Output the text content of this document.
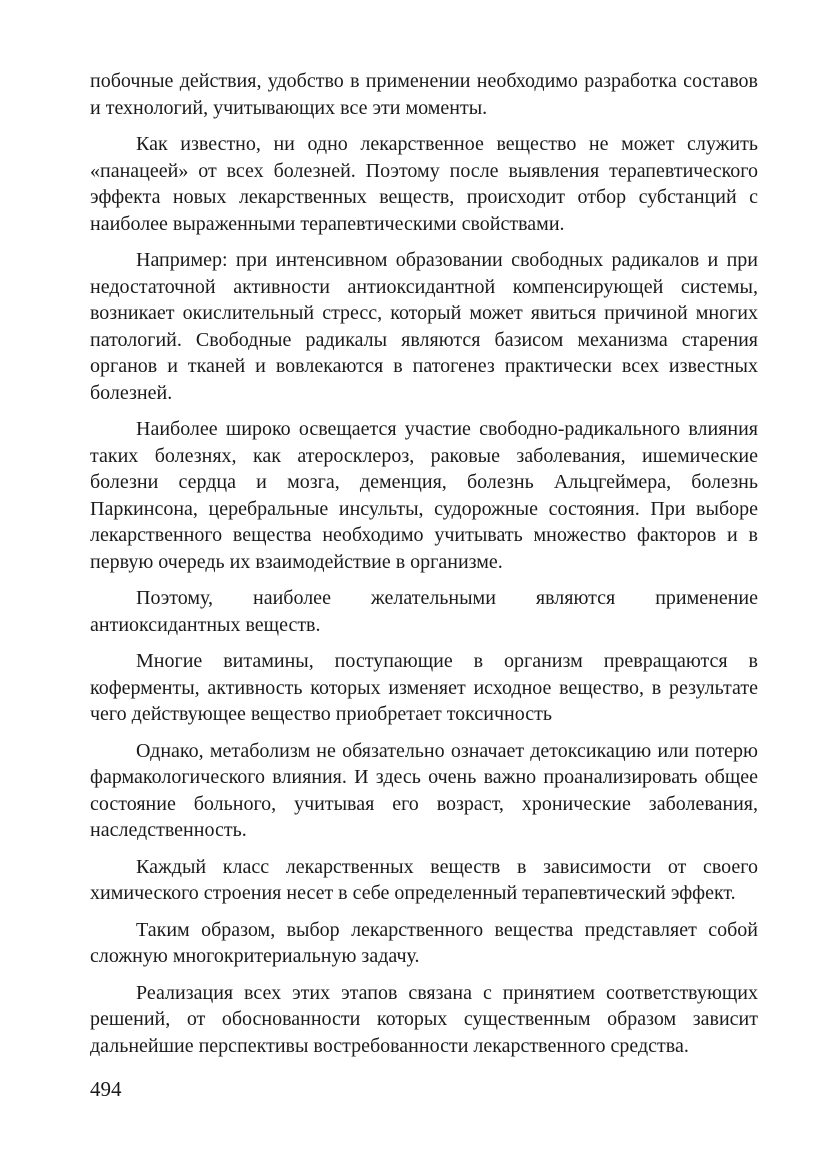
побочные действия, удобство в применении необходимо разработка составов и технологий, учитывающих все эти моменты.

Как известно, ни одно лекарственное вещество не может служить «панацеей» от всех болезней. Поэтому после выявления терапевтического эффекта новых лекарственных веществ, происходит отбор субстанций с наиболее выраженными терапевтическими свойствами.

Например: при интенсивном образовании свободных радикалов и при недостаточной активности антиоксидантной компенсирующей системы, возникает окислительный стресс, который может явиться причиной многих патологий. Свободные радикалы являются базисом механизма старения органов и тканей и вовлекаются в патогенез практически всех известных болезней.

Наиболее широко освещается участие свободно-радикального влияния таких болезнях, как атеросклероз, раковые заболевания, ишемические болезни сердца и мозга, деменция, болезнь Альцгеймера, болезнь Паркинсона, церебральные инсульты, судорожные состояния. При выборе лекарственного вещества необходимо учитывать множество факторов и в первую очередь их взаимодействие в организме.

Поэтому, наиболее желательными являются применение антиоксидантных веществ.

Многие витамины, поступающие в организм превращаются в коферменты, активность которых изменяет исходное вещество, в результате чего действующее вещество приобретает токсичность

Однако, метаболизм не обязательно означает детоксикацию или потерю фармакологического влияния. И здесь очень важно проанализировать общее состояние больного, учитывая его возраст, хронические заболевания, наследственность.

Каждый класс лекарственных веществ в зависимости от своего химического строения несет в себе определенный терапевтический эффект.

Таким образом, выбор лекарственного вещества представляет собой сложную многокритериальную задачу.

Реализация всех этих этапов связана с принятием соответствующих решений, от обоснованности которых существенным образом зависит дальнейшие перспективы востребованности лекарственного средства.

494
